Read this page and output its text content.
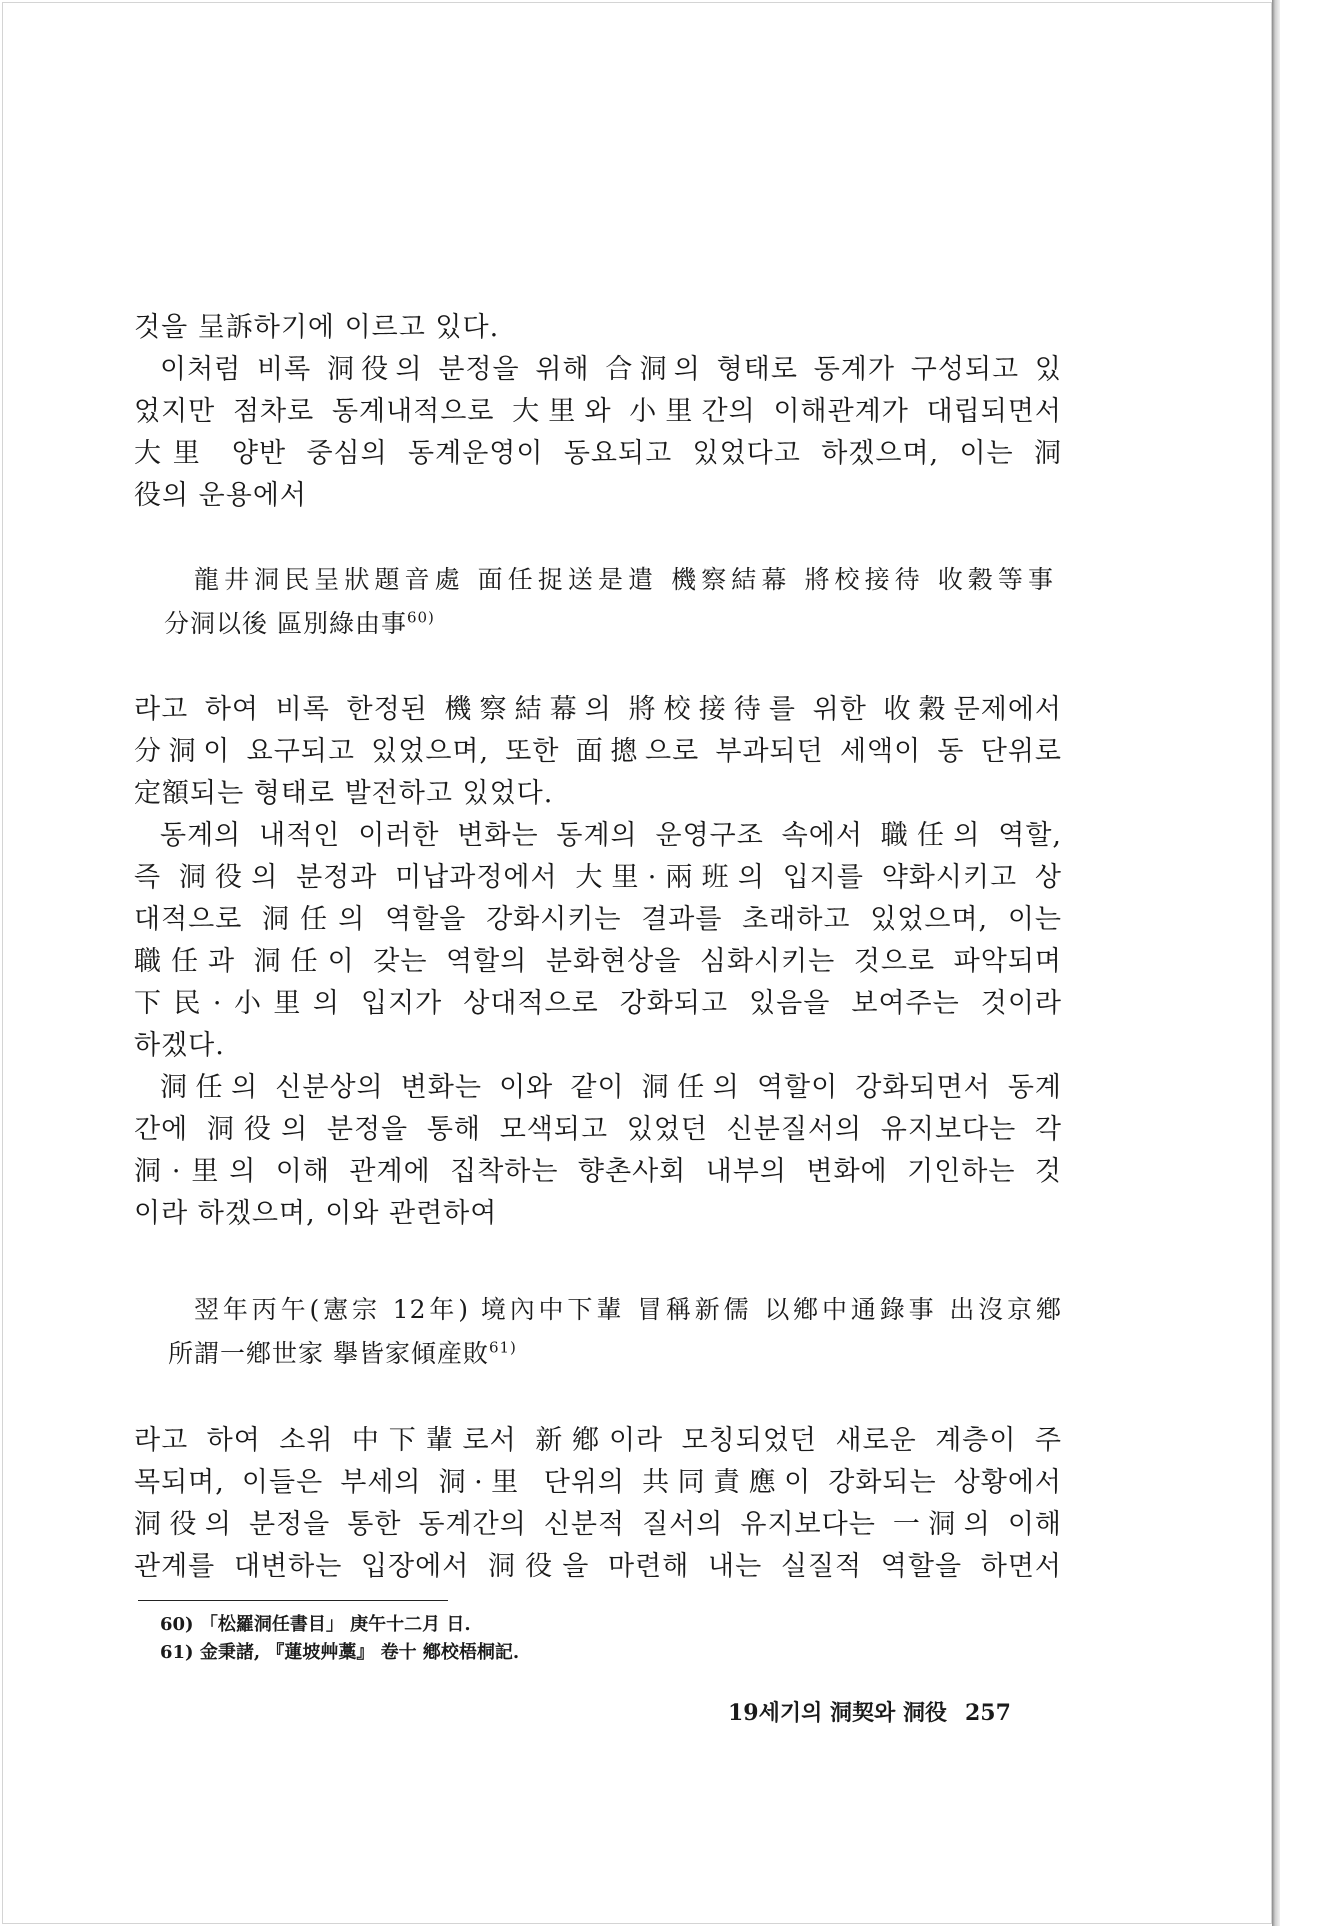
것을 呈訴하기에 이르고 있다.
이처럼 비록 洞役의 분정을 위해 合洞의 형태로 동계가 구성되고 있
었지만 점차로 동계내적으로 大里와 小里간의 이해관계가 대립되면서
大里 양반 중심의 동계운영이 동요되고 있었다고 하겠으며, 이는 洞
役의 운용에서
龍井洞民呈狀題音處 面任捉送是遣 機察結幕 將校接待 收穀等事
分洞以後 區別綠由事$^{60)}$
라고 하여 비록 한정된 機察結幕의 將校接待를 위한 收穀문제에서
分洞이 요구되고 있었으며, 또한 面摠으로 부과되던 세액이 동 단위로
定額되는 형태로 발전하고 있었다.
동계의 내적인 이러한 변화는 동계의 운영구조 속에서 職任의 역할,
즉 洞役의 분정과 미납과정에서 大里·兩班의 입지를 약화시키고 상
대적으로 洞任의 역할을 강화시키는 결과를 초래하고 있었으며, 이는
職任과 洞任이 갖는 역할의 분화현상을 심화시키는 것으로 파악되며
下民·小里의 입지가 상대적으로 강화되고 있음을 보여주는 것이라
하겠다.
洞任의 신분상의 변화는 이와 같이 洞任의 역할이 강화되면서 동계
간에 洞役의 분정을 통해 모색되고 있었던 신분질서의 유지보다는 각
洞·里의 이해 관계에 집착하는 향촌사회 내부의 변화에 기인하는 것
이라 하겠으며, 이와 관련하여
翌年丙午(憲宗 12年) 境內中下輩 冒稱新儒 以鄕中通錄事 出沒京鄕
所謂一鄕世家 擧皆家傾産敗$^{61)}$
라고 하여 소위 中下輩로서 新鄕이라 모칭되었던 새로운 계층이 주
목되며, 이들은 부세의 洞·里 단위의 共同責應이 강화되는 상황에서
洞役의 분정을 통한 동계간의 신분적 질서의 유지보다는 一洞의 이해
관계를 대변하는 입장에서 洞役을 마련해 내는 실질적 역할을 하면서
60) 「松羅洞任書目」 庚午十二月 日.
61) 金秉諸, 『蓮坡艸藁』 卷十 鄕校梧桐記.
19세기의 洞契와 洞役 257
